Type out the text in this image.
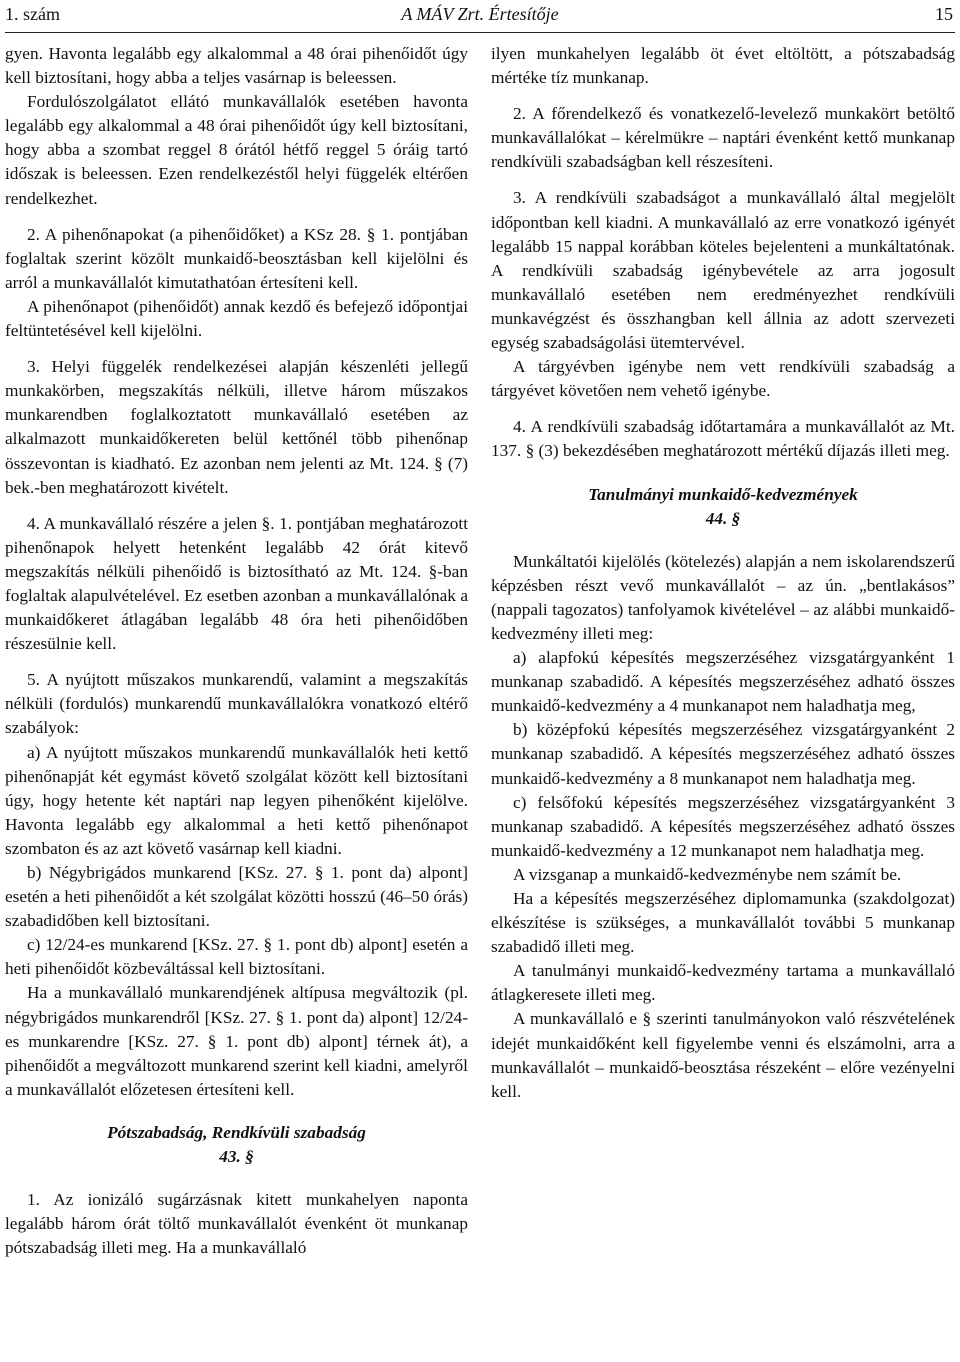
1. szám	A MÁV Zrt. Értesítője	15

gyen. Havonta legalább egy alkalommal a 48 órai pihenőidőt úgy kell biztosítani, hogy abba a teljes vasárnap is beleessen.

Fordulószolgálatot ellátó munkavállalók esetében havonta legalább egy alkalommal a 48 órai pihenőidőt úgy kell biztosítani, hogy abba a szombat reggel 8 órától hétfő reggel 5 óráig tartó időszak is beleessen. Ezen rendelkezéstől helyi függelék eltérően rendelkezhet.

2. A pihenőnapokat (a pihenőidőket) a KSz 28. § 1. pontjában foglaltak szerint közölt munkaidő-beosztásban kell kijelölni és arról a munkavállalót kimutathatóan értesíteni kell.

A pihenőnapot (pihenőidőt) annak kezdő és befejező időpontjai feltüntetésével kell kijelölni.

3. Helyi függelék rendelkezései alapján készenléti jellegű munkakörben, megszakítás nélküli, illetve három műszakos munkarendben foglalkoztatott munkavállaló esetében az alkalmazott munkaidőkereten belül kettőnél több pihenőnap összevontan is kiadható. Ez azonban nem jelenti az Mt. 124. § (7) bek.-ben meghatározott kivételt.

4. A munkavállaló részére a jelen §. 1. pontjában meghatározott pihenőnapok helyett hetenként legalább 42 órát kitevő megszakítás nélküli pihenőidő is biztosítható az Mt. 124. §-ban foglaltak alapulvételével. Ez esetben azonban a munkavállalónak a munkaidőkeret átlagában legalább 48 óra heti pihenőidőben részesülnie kell.

5. A nyújtott műszakos munkarendű, valamint a megszakítás nélküli (fordulós) munkarendű munkavállalókra vonatkozó eltérő szabályok:

a) A nyújtott műszakos munkarendű munkavállalók heti kettő pihenőnapját két egymást követő szolgálat között kell biztosítani úgy, hogy hetente két naptári nap legyen pihenőként kijelölve. Havonta legalább egy alkalommal a heti kettő pihenőnapot szombaton és az azt követő vasárnap kell kiadni.

b) Négybrigádos munkarend [KSz. 27. § 1. pont da) alpont] esetén a heti pihenőidőt a két szolgálat közötti hosszú (46–50 órás) szabadidőben kell biztosítani.

c) 12/24-es munkarend [KSz. 27. § 1. pont db) alpont] esetén a heti pihenőidőt közbeváltással kell biztosítani.

Ha a munkavállaló munkarendjének altípusa megváltozik (pl. négybrigádos munkarendről [KSz. 27. § 1. pont da) alpont] 12/24-es munkarendre [KSz. 27. § 1. pont db) alpont] térnek át), a pihenőidőt a megváltozott munkarend szerint kell kiadni, amelyről a munkavállalót előzetesen értesíteni kell.

Pótszabadság, Rendkívüli szabadság

43. §

1. Az ionizáló sugárzásnak kitett munkahelyen naponta legalább három órát töltő munkavállalót évenként öt munkanap pótszabadság illeti meg. Ha a munkavállaló

ilyen munkahelyen legalább öt évet eltöltött, a pótszabadság mértéke tíz munkanap.

2. A főrendelkező és vonatkezelő-levelező munkakört betöltő munkavállalókat – kérelmükre – naptári évenként kettő munkanap rendkívüli szabadságban kell részesíteni.

3. A rendkívüli szabadságot a munkavállaló által megjelölt időpontban kell kiadni. A munkavállaló az erre vonatkozó igényét legalább 15 nappal korábban köteles bejelenteni a munkáltatónak. A rendkívüli szabadság igénybevétele az arra jogosult munkavállaló esetében nem eredményezhet rendkívüli munkavégzést és összhangban kell állnia az adott szervezeti egység szabadságolási ütemtervével.

A tárgyévben igénybe nem vett rendkívüli szabadság a tárgyévet követően nem vehető igénybe.

4. A rendkívüli szabadság időtartamára a munkavállalót az Mt. 137. § (3) bekezdésében meghatározott mértékű díjazás illeti meg.

Tanulmányi munkaidő-kedvezmények

44. §

Munkáltatói kijelölés (kötelezés) alapján a nem iskolarendszerű képzésben részt vevő munkavállalót – az ún. „bentlakásos” (nappali tagozatos) tanfolyamok kivételével – az alábbi munkaidő-kedvezmény illeti meg:

a) alapfokú képesítés megszerzéséhez vizsgatárgyanként 1 munkanap szabadidő. A képesítés megszerzéséhez adható összes munkaidő-kedvezmény a 4 munkanapot nem haladhatja meg,

b) középfokú képesítés megszerzéséhez vizsgatárgyanként 2 munkanap szabadidő. A képesítés megszerzéséhez adható összes munkaidő-kedvezmény a 8 munkanapot nem haladhatja meg.

c) felsőfokú képesítés megszerzéséhez vizsgatárgyanként 3 munkanap szabadidő. A képesítés megszerzéséhez adható összes munkaidő-kedvezmény a 12 munkanapot nem haladhatja meg.

A vizsganap a munkaidő-kedvezménybe nem számít be.

Ha a képesítés megszerzéséhez diplomamunka (szakdolgozat) elkészítése is szükséges, a munkavállalót további 5 munkanap szabadidő illeti meg.

A tanulmányi munkaidő-kedvezmény tartama a munkavállaló átlagkeresete illeti meg.

A munkavállaló e § szerinti tanulmányokon való részvételének idejét munkaidőként kell figyelembe venni és elszámolni, arra a munkavállalót – munkaidő-beosztása részeként – előre vezényelni kell.
